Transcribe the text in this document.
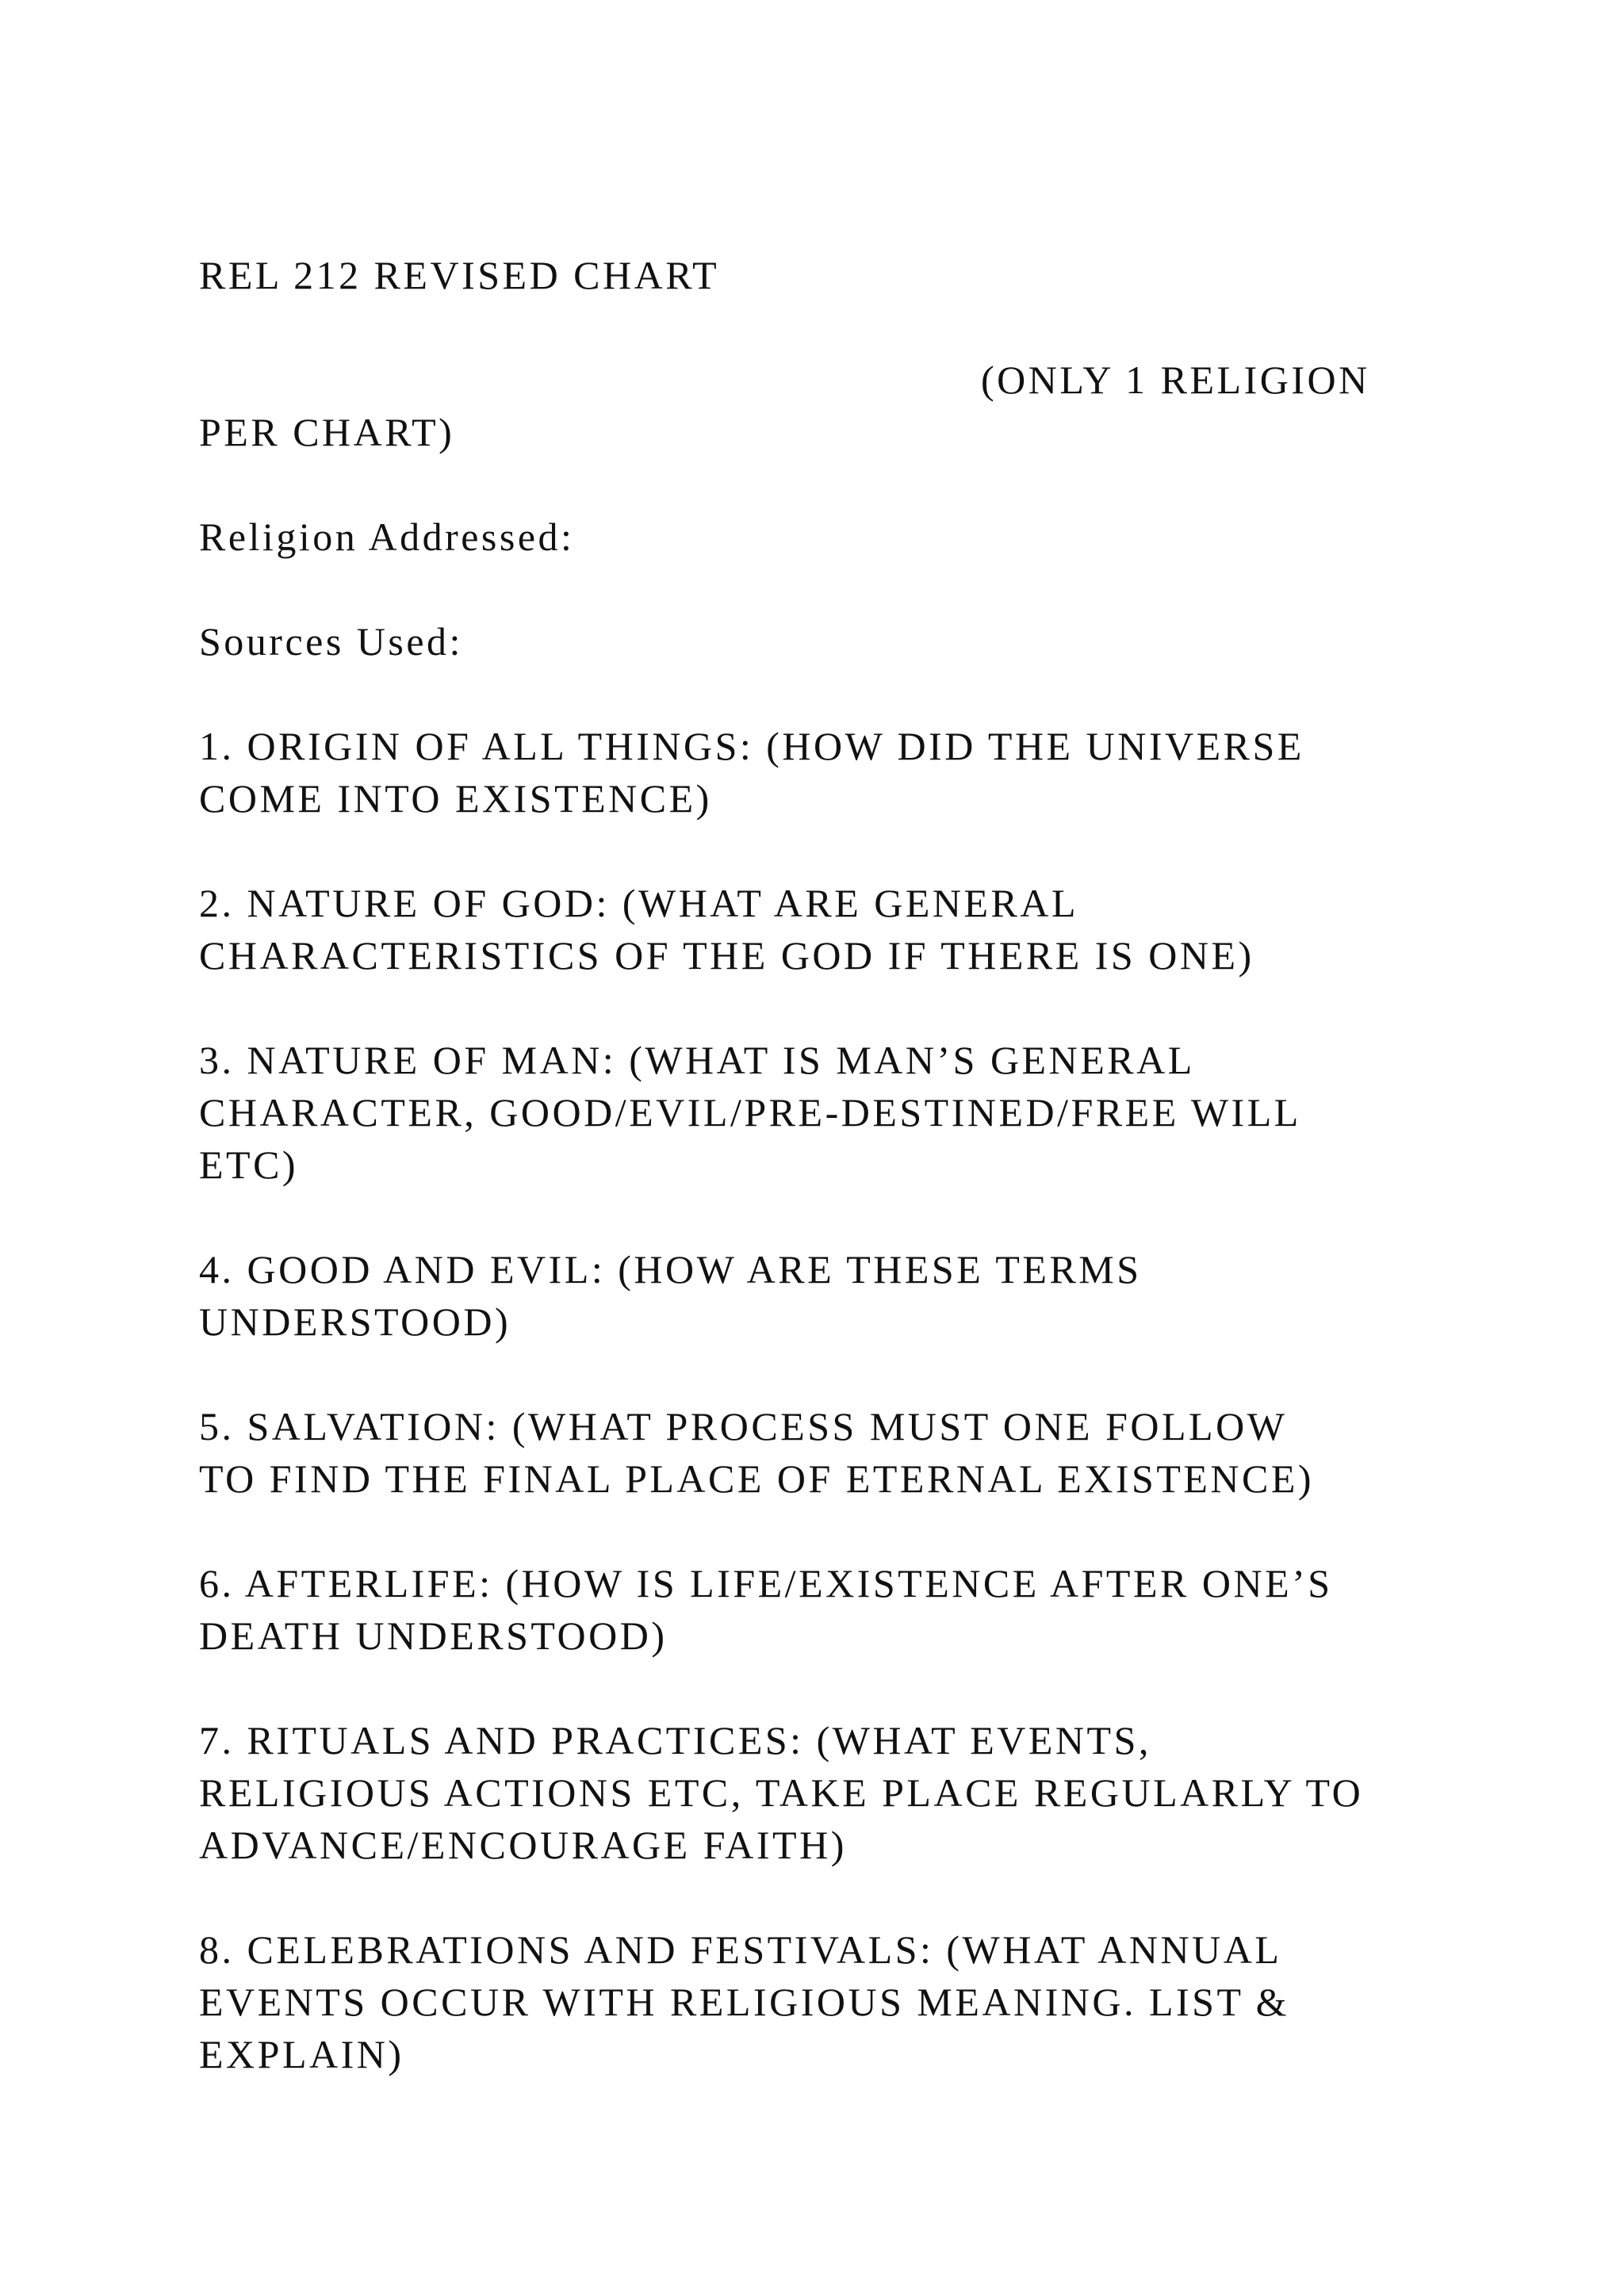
REL 212 REVISED CHART

(ONLY 1 RELIGION

PER CHART)

Religion Addressed:

Sources Used:

1. ORIGIN OF ALL THINGS: (HOW DID THE UNIVERSE

COME INTO EXISTENCE)

2. NATURE OF GOD: (WHAT ARE GENERAL

CHARACTERISTICS OF THE GOD IF THERE IS ONE)

3. NATURE OF MAN: (WHAT IS MAN’S GENERAL

CHARACTER, GOOD/EVIL/PRE-DESTINED/FREE WILL

ETC)

4. GOOD AND EVIL: (HOW ARE THESE TERMS

UNDERSTOOD)

5. SALVATION: (WHAT PROCESS MUST ONE FOLLOW

TO FIND THE FINAL PLACE OF ETERNAL EXISTENCE)

6. AFTERLIFE: (HOW IS LIFE/EXISTENCE AFTER ONE’S

DEATH UNDERSTOOD)

7. RITUALS AND PRACTICES: (WHAT EVENTS,

RELIGIOUS ACTIONS ETC, TAKE PLACE REGULARLY TO

ADVANCE/ENCOURAGE FAITH)

8. CELEBRATIONS AND FESTIVALS: (WHAT ANNUAL

EVENTS OCCUR WITH RELIGIOUS MEANING. LIST &

EXPLAIN)
